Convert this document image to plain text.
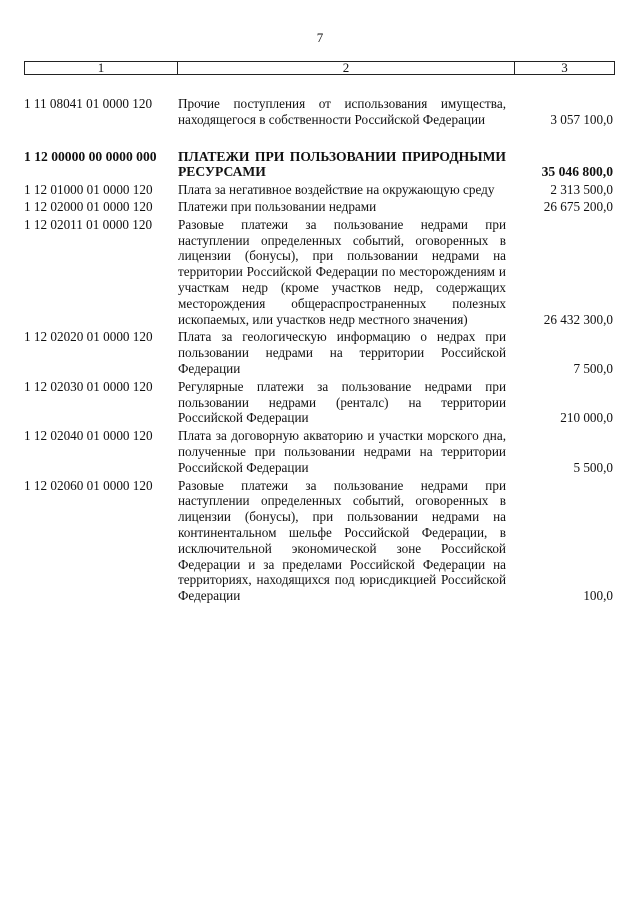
7
1	2	3
1 11 08041 01 0000 120	Прочие поступления от использования имущества, находящегося в собственности Российской Федерации	3 057 100,0
1 12 00000 00 0000 000	ПЛАТЕЖИ ПРИ ПОЛЬЗОВАНИИ ПРИРОДНЫМИ РЕСУРСАМИ	35 046 800,0
1 12 01000 01 0000 120	Плата за негативное воздействие на окружающую среду	2 313 500,0
1 12 02000 01 0000 120	Платежи при пользовании недрами	26 675 200,0
1 12 02011 01 0000 120	Разовые платежи за пользование недрами при наступлении определенных событий, оговоренных в лицензии (бонусы), при пользовании недрами на территории Российской Федерации по месторождениям и участкам недр (кроме участков недр, содержащих месторождения общераспространенных полезных ископаемых, или участков недр местного значения)	26 432 300,0
1 12 02020 01 0000 120	Плата за геологическую информацию о недрах при пользовании недрами на территории Российской Федерации	7 500,0
1 12 02030 01 0000 120	Регулярные платежи за пользование недрами при пользовании недрами (ренталс) на территории Российской Федерации	210 000,0
1 12 02040 01 0000 120	Плата за договорную акваторию и участки морского дна, полученные при пользовании недрами на территории Российской Федерации	5 500,0
1 12 02060 01 0000 120	Разовые платежи за пользование недрами при наступлении определенных событий, оговоренных в лицензии (бонусы), при пользовании недрами на континентальном шельфе Российской Федерации, в исключительной экономической зоне Российской Федерации и за пределами Российской Федерации на территориях, находящихся под юрисдикцией Российской Федерации	100,0
